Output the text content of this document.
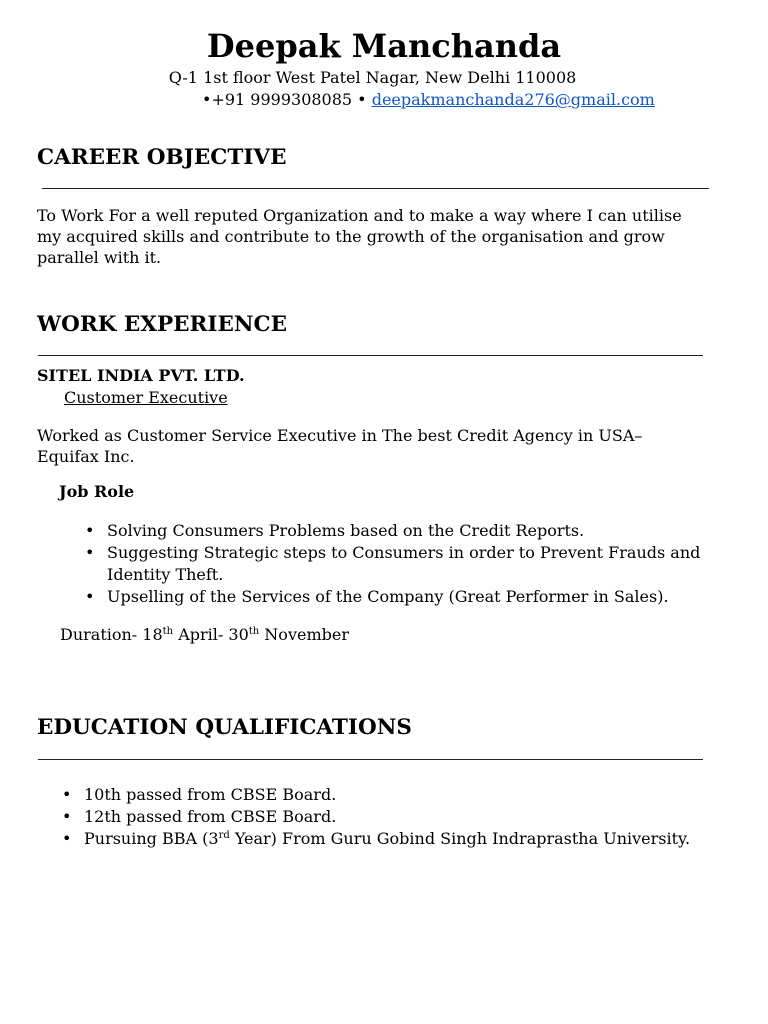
Deepak Manchanda
Q-1 1st floor West Patel Nagar, New Delhi 110008
•+91 9999308085 • deepakmanchanda276@gmail.com
CAREER OBJECTIVE
To Work For a well reputed Organization and to make a way where I can utilise my acquired skills and contribute to the growth of the organisation and grow parallel with it.
WORK EXPERIENCE
SITEL INDIA PVT. LTD.
Customer Executive
Worked as Customer Service Executive in The best Credit Agency in USA– Equifax Inc.
Job Role
• Solving Consumers Problems based on the Credit Reports.
• Suggesting Strategic steps to Consumers in order to Prevent Frauds and Identity Theft.
• Upselling of the Services of the Company (Great Performer in Sales).
Duration- 18th April- 30th November
EDUCATION QUALIFICATIONS
• 10th passed from CBSE Board.
• 12th passed from CBSE Board.
• Pursuing BBA (3rd Year) From Guru Gobind Singh Indraprastha University.
